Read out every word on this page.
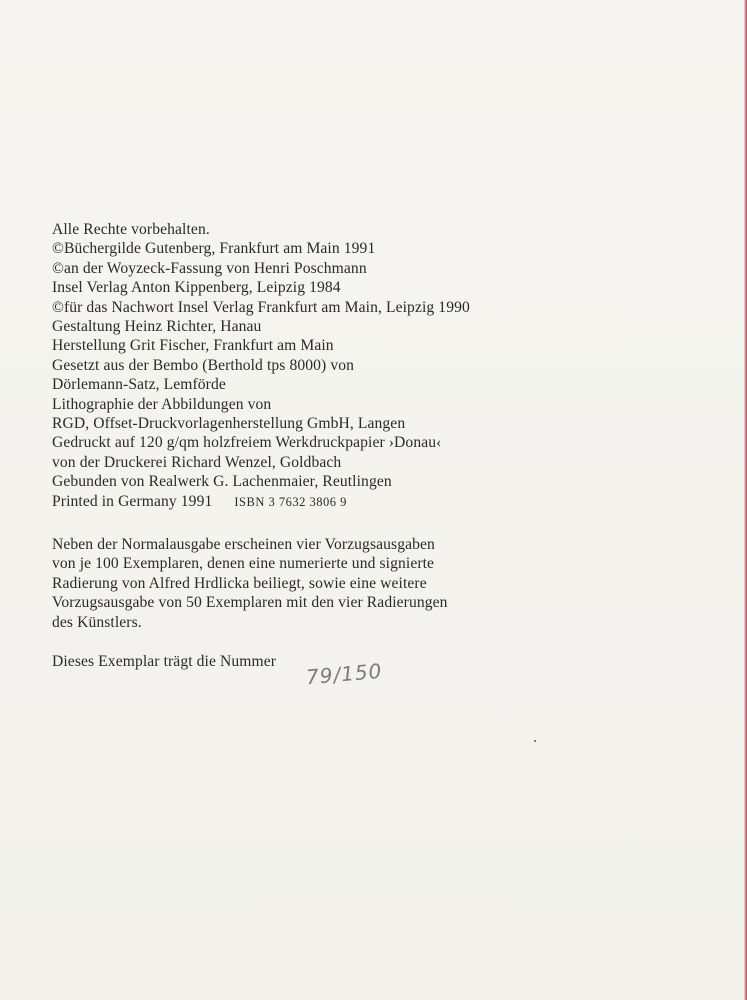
Alle Rechte vorbehalten.
©Büchergilde Gutenberg, Frankfurt am Main 1991
©an der Woyzeck-Fassung von Henri Poschmann
Insel Verlag Anton Kippenberg, Leipzig 1984
©für das Nachwort Insel Verlag Frankfurt am Main, Leipzig 1990
Gestaltung Heinz Richter, Hanau
Herstellung Grit Fischer, Frankfurt am Main
Gesetzt aus der Bembo (Berthold tps 8000) von
Dörlemann-Satz, Lemförde
Lithographie der Abbildungen von
RGD, Offset-Druckvorlagenherstellung GmbH, Langen
Gedruckt auf 120 g/qm holzfreiem Werkdruckpapier ›Donau‹
von der Druckerei Richard Wenzel, Goldbach
Gebunden von Realwerk G. Lachenmaier, Reutlingen
Printed in Germany 1991 ISBN 3 7632 3806 9
Neben der Normalausgabe erscheinen vier Vorzugsausgaben
von je 100 Exemplaren, denen eine numerierte und signierte
Radierung von Alfred Hrdlicka beiliegt, sowie eine weitere
Vorzugsausgabe von 50 Exemplaren mit den vier Radierungen
des Künstlers.
Dieses Exemplar trägt die Nummer	79/150
